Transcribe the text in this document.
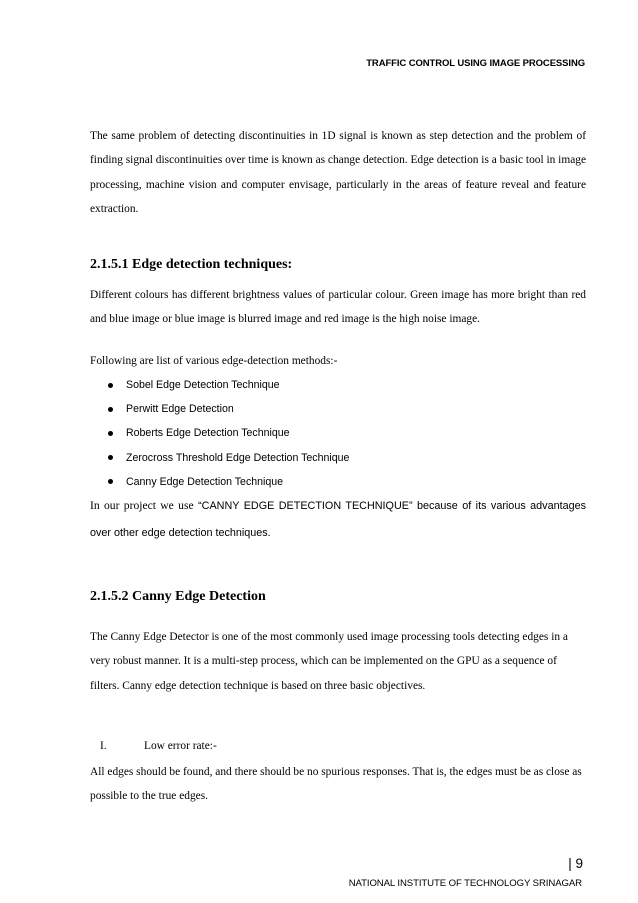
TRAFFIC CONTROL USING IMAGE PROCESSING

The same problem of detecting discontinuities in 1D signal is known as step detection and the problem of finding signal discontinuities over time is known as change detection. Edge detection is a basic tool in image processing, machine vision and computer envisage, particularly in the areas of feature reveal and feature extraction.

2.1.5.1 Edge detection techniques:

Different colours has different brightness values of particular colour. Green image has more bright than red and blue image or blue image is blurred image and red image is the high noise image.

Following are list of various edge-detection methods:-

Sobel Edge Detection Technique
Perwitt Edge Detection
Roberts Edge Detection Technique
Zerocross Threshold Edge Detection Technique
Canny Edge Detection Technique

In our project we use “CANNY EDGE DETECTION TECHNIQUE” because of its various advantages over other edge detection techniques.

2.1.5.2 Canny Edge Detection

The Canny Edge Detector is one of the most commonly used image processing tools detecting edges in a very robust manner. It is a multi-step process, which can be implemented on the GPU as a sequence of filters. Canny edge detection technique is based on three basic objectives.

I.	Low error rate:-

All edges should be found, and there should be no spurious responses. That is, the edges must be as close as possible to the true edges.

| 9
NATIONAL INSTITUTE OF TECHNOLOGY SRINAGAR
